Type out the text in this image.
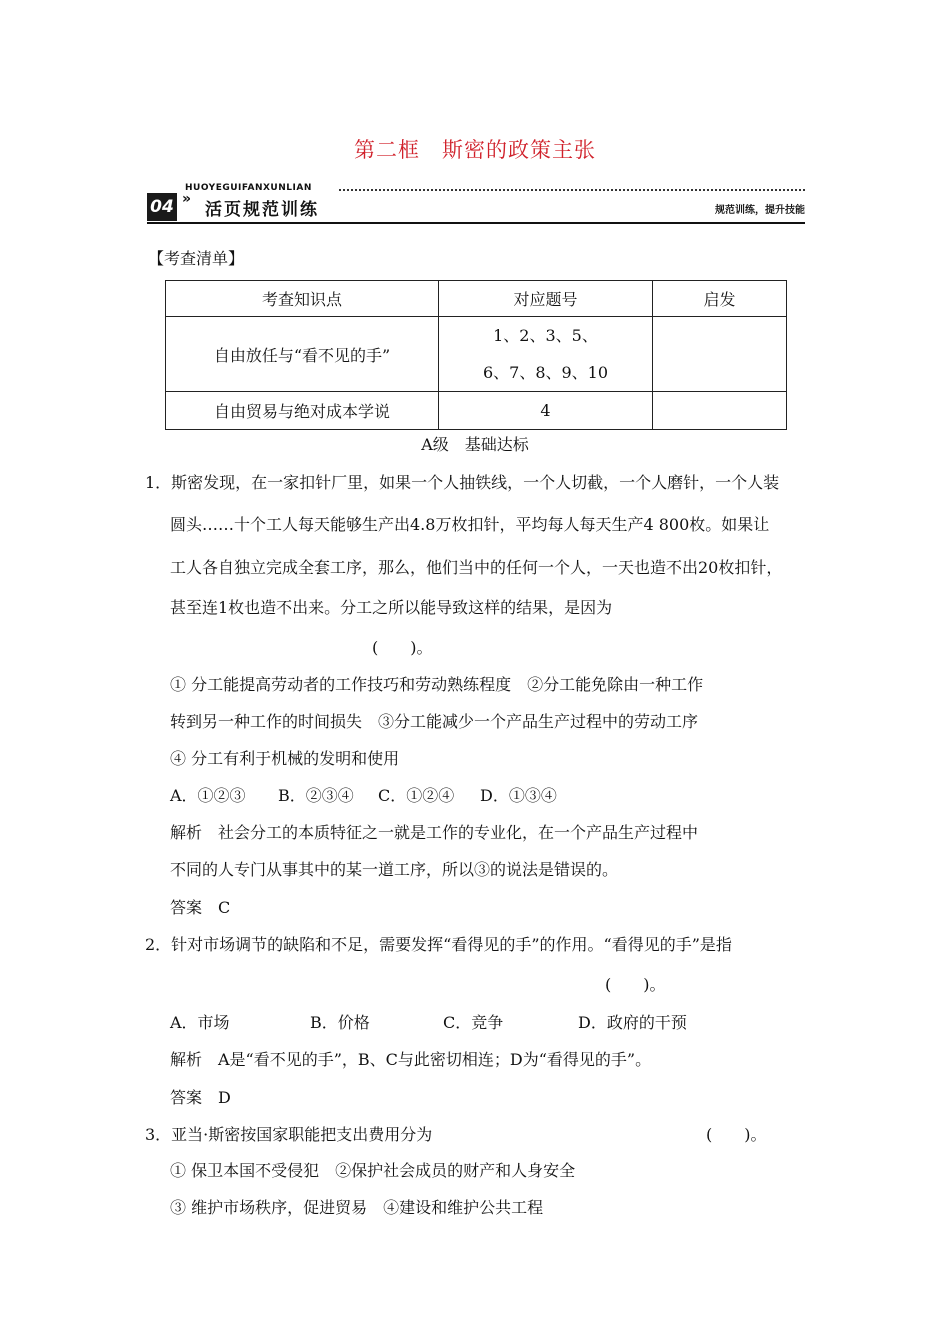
第二框　斯密的政策主张
04
HUOYEGUIFANXUNLIAN
»
活页规范训练	规范训练，提升技能
【考查清单】
考查知识点	对应题号	启发
自由放任与“看不见的手”	1、2、3、5、
6、7、8、9、10	

自由贸易与绝对成本学说	4	
A级　基础达标
1．斯密发现，在一家扣针厂里，如果一个人抽铁线，一个人切截，一个人磨针，一个人装
圆头……十个工人每天能够生产出4.8万枚扣针，平均每人每天生产4 800枚。如果让
工人各自独立完成全套工序，那么，他们当中的任何一个人，一天也造不出20枚扣针，
甚至连1枚也造不出来。分工之所以能导致这样的结果，是因为
(　　)。
① 分工能提高劳动者的工作技巧和劳动熟练程度　②分工能免除由一种工作
转到另一种工作的时间损失　③分工能减少一个产品生产过程中的劳动工序
④ 分工有利于机械的发明和使用
A．①②③ B．②③④ C．①②④ D．①③④
解析　社会分工的本质特征之一就是工作的专业化，在一个产品生产过程中
不同的人专门从事其中的某一道工序，所以③的说法是错误的。
答案　C
2．针对市场调节的缺陷和不足，需要发挥“看得见的手”的作用。“看得见的手”是指
(　　)。
A．市场	B．价格	C．竞争	D．政府的干预
解析　A是“看不见的手”，B、C与此密切相连；D为“看得见的手”。
答案　D
3．亚当·斯密按国家职能把支出费用分为	(　　)。
① 保卫本国不受侵犯　②保护社会成员的财产和人身安全
③ 维护市场秩序，促进贸易　④建设和维护公共工程
